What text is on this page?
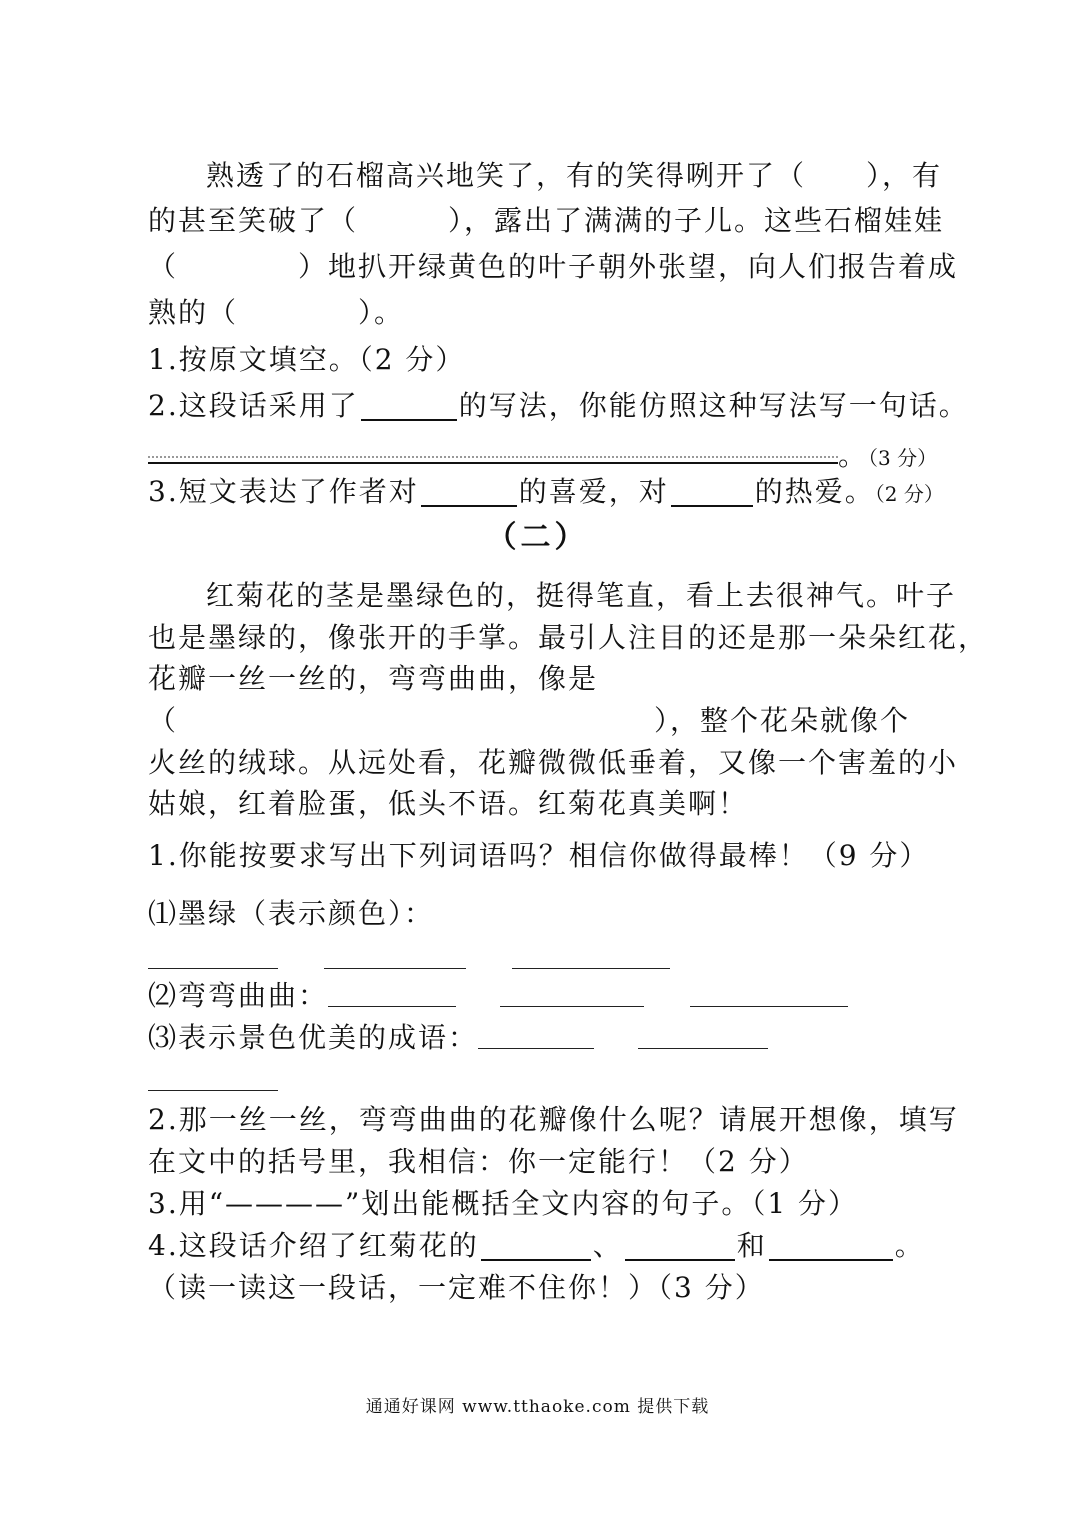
熟透了的石榴高兴地笑了，有的笑得咧开了（　　），有
的甚至笑破了（　　　），露出了满满的子儿。这些石榴娃娃
（　　　　）地扒开绿黄色的叶子朝外张望，向人们报告着成
熟的（　　　　）。
1.按原文填空。（2 分）
2.这段话采用了	的写法，你能仿照这种写法写一句话。
。（3 分）
3.短文表达了作者对	的喜爱，对	的热爱。（2 分）
（二）
红菊花的茎是墨绿色的，挺得笔直，看上去很神气。叶子
也是墨绿的，像张开的手掌。最引人注目的还是那一朵朵红花，
花瓣一丝一丝的，弯弯曲曲，像是
（	），整个花朵就像个
火丝的绒球。从远处看，花瓣微微低垂着，又像一个害羞的小
姑娘，红着脸蛋，低头不语。红菊花真美啊！
1.你能按要求写出下列词语吗？相信你做得最棒！（9 分）
⑴墨绿（表示颜色）：
⑵弯弯曲曲：
⑶表示景色优美的成语：
2.那一丝一丝，弯弯曲曲的花瓣像什么呢？请展开想像，填写
在文中的括号里，我相信：你一定能行！（2 分）
3.用“————”划出能概括全文内容的句子。（1 分）
4.这段话介绍了红菊花的	、	和	。
（读一读这一段话，一定难不住你！）（3 分）
通通好课网 www.tthaoke.com 提供下载
